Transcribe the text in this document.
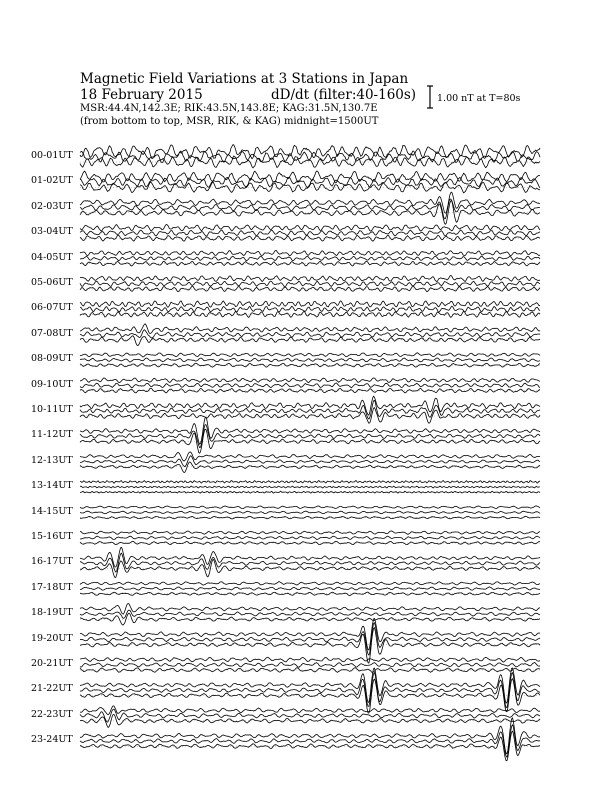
Magnetic Field Variations at 3 Stations in Japan
18 February 2015	dD/dt (filter:40-160s)
MSR:44.4N,142.3E; RIK:43.5N,143.8E; KAG:31.5N,130.7E
(from bottom to top, MSR, RIK, & KAG) midnight=1500UT
1.00 nT at T=80s
00-01UT
01-02UT
02-03UT
03-04UT
04-05UT
05-06UT
06-07UT
07-08UT
08-09UT
09-10UT
10-11UT
11-12UT
12-13UT
13-14UT
14-15UT
15-16UT
16-17UT
17-18UT
18-19UT
19-20UT
20-21UT
21-22UT
22-23UT
23-24UT
